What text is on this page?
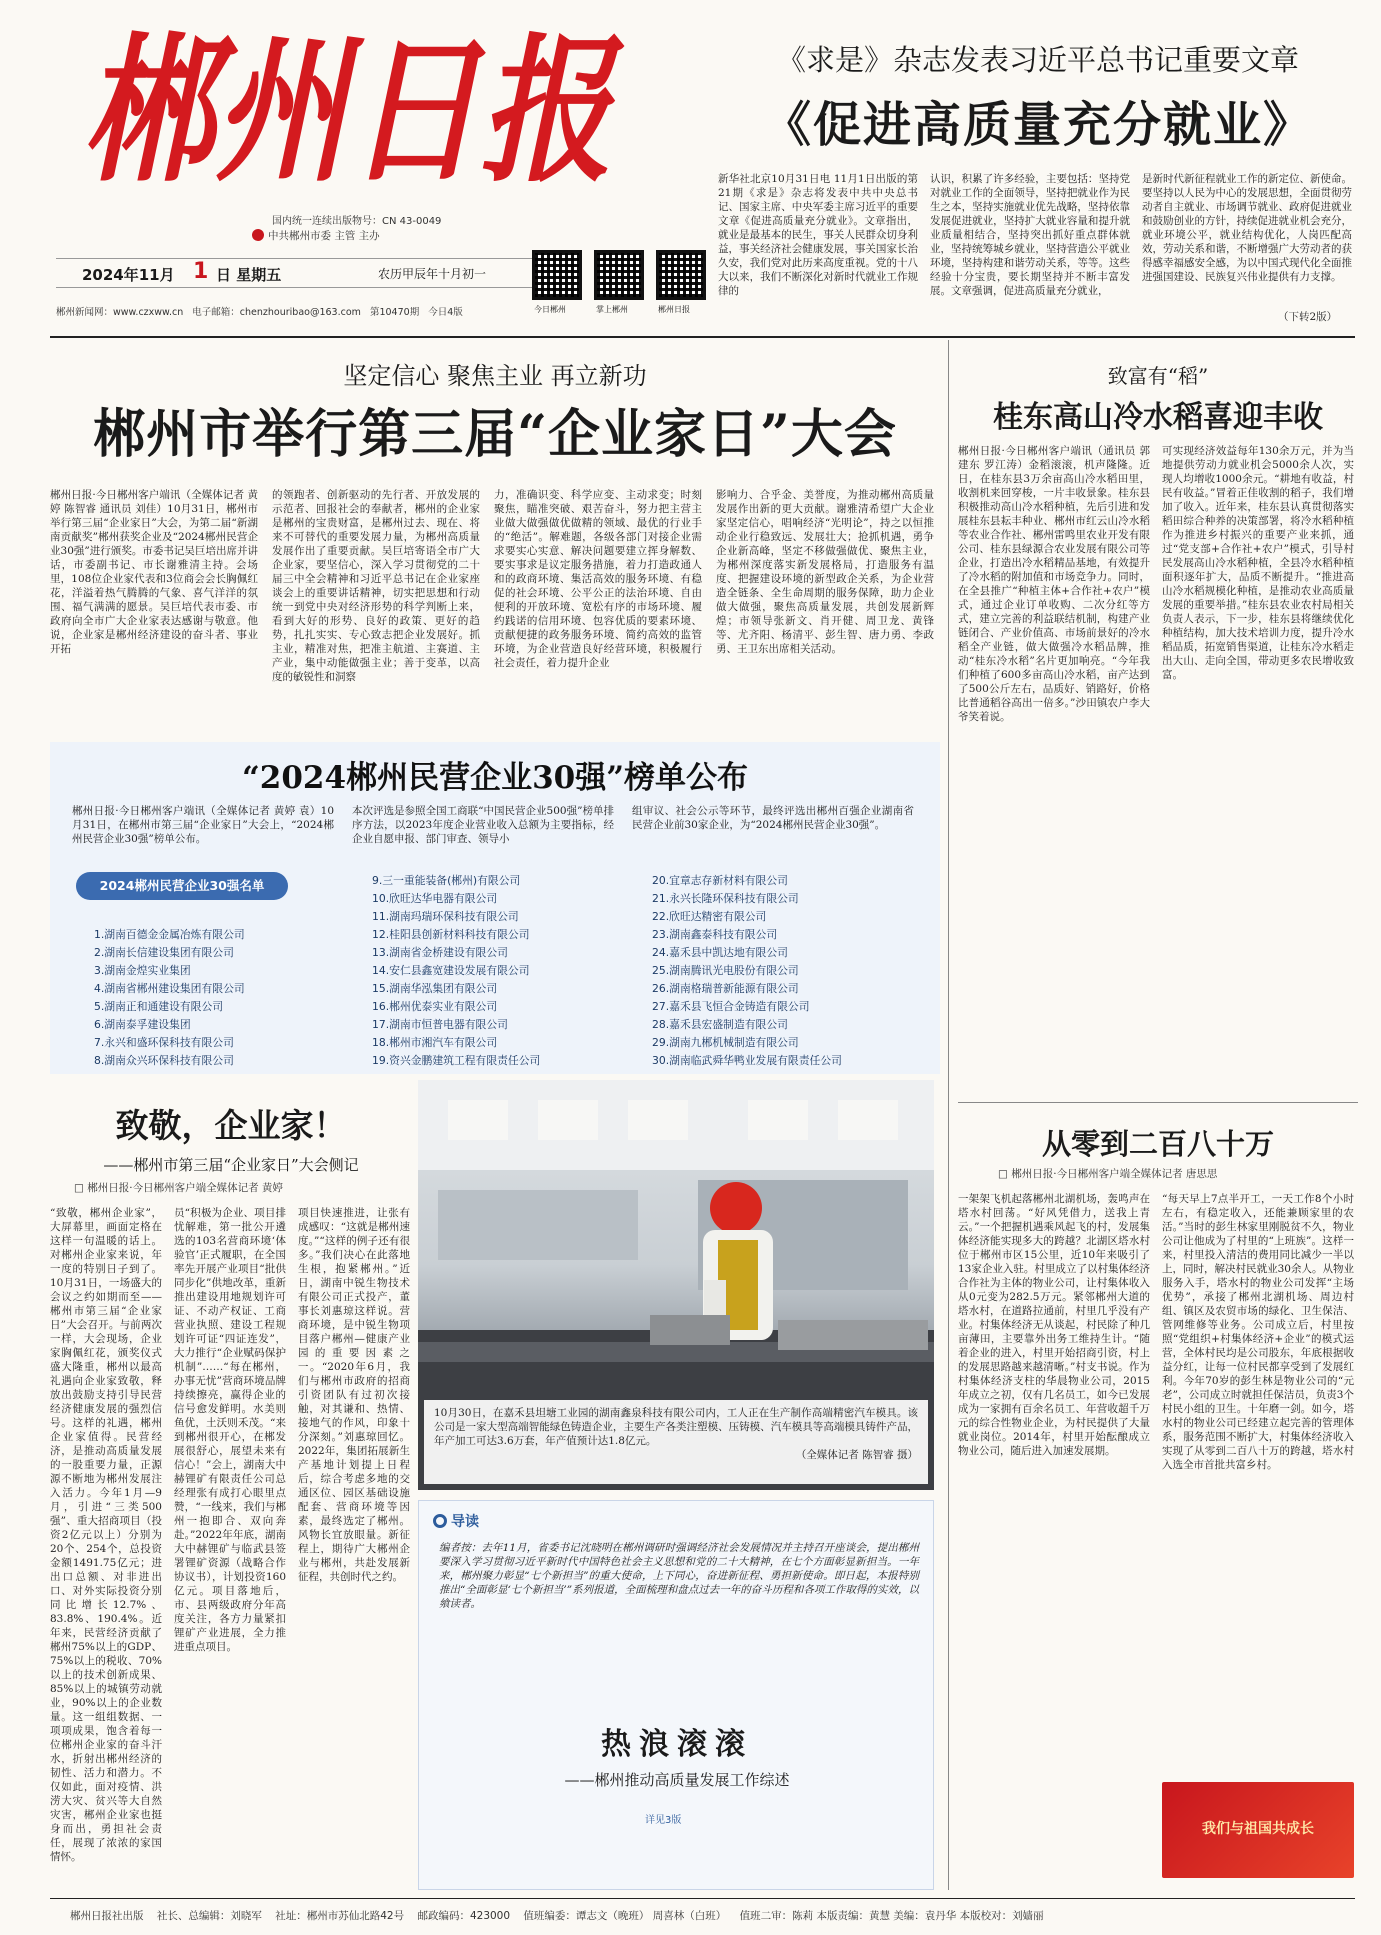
郴州日报
国内统一连续出版物号：CN 43-0049
中共郴州市委 主管 主办
2024年11月 1 日 星期五	农历甲辰年十月初一
郴州新闻网：www.czxww.cn 电子邮箱：chenzhouribao@163.com 第10470期 今日4版	今日郴州	掌上郴州	郴州日报
《求是》杂志发表习近平总书记重要文章
《促进高质量充分就业》
新华社北京10月31日电 11月1日出版的第21期《求是》杂志将发表中共中央总书记、国家主席、中央军委主席习近平的重要文章《促进高质量充分就业》。文章指出，就业是最基本的民生，事关人民群众切身利益，事关经济社会健康发展，事关国家长治久安，我们党对此历来高度重视。党的十八大以来，我们不断深化对新时代就业工作规律的
认识，积累了许多经验，主要包括：坚持党对就业工作的全面领导，坚持把就业作为民生之本，坚持实施就业优先战略，坚持依靠发展促进就业，坚持扩大就业容量和提升就业质量相结合，坚持突出抓好重点群体就业，坚持统筹城乡就业，坚持营造公平就业环境，坚持构建和谐劳动关系，等等。这些经验十分宝贵，要长期坚持并不断丰富发展。文章强调，促进高质量充分就业，
是新时代新征程就业工作的新定位、新使命。要坚持以人民为中心的发展思想，全面贯彻劳动者自主就业、市场调节就业、政府促进就业和鼓励创业的方针，持续促进就业机会充分，就业环境公平，就业结构优化，人岗匹配高效，劳动关系和谐，不断增强广大劳动者的获得感幸福感安全感，为以中国式现代化全面推进强国建设、民族复兴伟业提供有力支撑。
（下转2版）
坚定信心 聚焦主业 再立新功
郴州市举行第三届“企业家日”大会
郴州日报·今日郴州客户端讯（全媒体记者 黄婷 陈智睿 通讯员 刘佳）10月31日，郴州市举行第三届“企业家日”大会，为第二届“新湖南贡献奖”郴州获奖企业及“2024郴州民营企业30强”进行颁奖。市委书记吴巨培出席并讲话，市委副书记、市长谢雅清主持。会场里，108位企业家代表和3位商会会长胸佩红花，洋溢着热气腾腾的气象、喜气洋洋的氛围、福气满满的愿景。吴巨培代表市委、市政府向全市广大企业家表达感谢与敬意。他说，企业家是郴州经济建设的奋斗者、事业开拓
的领跑者、创新驱动的先行者、开放发展的示范者、回报社会的奉献者，郴州的企业家是郴州的宝贵财富，是郴州过去、现在、将来不可替代的重要发展力量，为郴州高质量发展作出了重要贡献。吴巨培寄语全市广大企业家，要坚信心，深入学习贯彻党的二十届三中全会精神和习近平总书记在企业家座谈会上的重要讲话精神，切实把思想和行动统一到党中央对经济形势的科学判断上来，看到大好的形势、良好的政策、更好的趋势，扎扎实实、专心致志把企业发展好。抓主业，精准对焦，把准主航道、主赛道、主产业，集中动能做强主业；善于变革，以高度的敏锐性和洞察
力，准确识变、科学应变、主动求变；时刻聚焦，瞄准突破、艰苦奋斗，努力把主营主业做大做强做优做精的领域、最优的行业手的“绝活”。解难题，各级各部门对接企业需求要实心实意、解决问题要建立挥身解数、要实事求是议定服务措施，着力打造政通人和的政商环境、集活高效的服务环境、有稳促的社会环境、公平公正的法治环境、自由便利的开放环境、宽松有序的市场环境、履约践诺的信用环境、包容优质的要素环境、贡献便捷的政务服务环境、简约高效的监管环境，为企业营造良好经营环境，积极履行社会责任，着力提升企业
影响力、合乎金、美誉度，为推动郴州高质量发展作出新的更大贡献。谢雅清希望广大企业家坚定信心，唱响经济“光明论”，持之以恒推动企业行稳致远、发展壮大；抢抓机遇，勇争企业新高峰，坚定不移做强做优、聚焦主业，为郴州深度落实新发展格局，打造服务有温度、把握建设环境的新型政企关系，为企业营造全链条、全生命周期的服务保障，助力企业做大做强，聚焦高质量发展，共创发展新辉煌；市领导张新文、肖开健、周卫龙、黄锋等、尤齐阳、杨清平、彭生智、唐力勇、李政勇、王卫东出席相关活动。
“2024郴州民营企业30强”榜单公布
郴州日报·今日郴州客户端讯（全媒体记者 黄婷 袁）10月31日，在郴州市第三届“企业家日”大会上，“2024郴州民营企业30强”榜单公布。
本次评选是参照全国工商联“中国民营企业500强”榜单排序方法，以2023年度企业营业收入总额为主要指标，经企业自愿申报、部门审查、领导小
组审议、社会公示等环节，最终评选出郴州百强企业湖南省民营企业前30家企业，为“2024郴州民营企业30强”。
2024郴州民营企业30强名单
1.湖南百德金金属冶炼有限公司
2.湖南长信建设集团有限公司
3.湖南金煌实业集团
4.湖南省郴州建设集团有限公司
5.湖南正和通建设有限公司
6.湖南泰孚建设集团
7.永兴和盛环保科技有限公司
8.湖南众兴环保科技有限公司
9.三一重能装备(郴州)有限公司
10.欣旺达华电器有限公司
11.湖南玛瑞环保科技有限公司
12.桂阳县创新材料科技有限公司
13.湖南省金桥建设有限公司
14.安仁县鑫宽建设发展有限公司
15.湖南华泓集团有限公司
16.郴州优泰实业有限公司
17.湖南市恒普电器有限公司
18.郴州市湘汽车有限公司
19.资兴金鹏建筑工程有限责任公司
20.宜章志存新材料有限公司
21.永兴长隆环保科技有限公司
22.欣旺达精密有限公司
23.湖南鑫泰科技有限公司
24.嘉禾县中凯达地有限公司
25.湖南腾讯光电股份有限公司
26.湖南格瑞普新能源有限公司
27.嘉禾县飞恒合金铸造有限公司
28.嘉禾县宏盛制造有限公司
29.湖南九郴机械制造有限公司
30.湖南临武舜华鸭业发展有限责任公司
致敬，企业家！
——郴州市第三届“企业家日”大会侧记
□ 郴州日报·今日郴州客户端全媒体记者 黄婷
“致敬，郴州企业家”，大屏幕里，画面定格在这样一句温暖的话上。对郴州企业家来说，年一度的特别日子到了。10月31日，一场盛大的会议之约如期而至——郴州市第三届“企业家日”大会召开。与前两次一样，大会现场，企业家胸佩红花，颁奖仪式盛大隆重，郴州以最高礼遇向企业家致敬，释放出鼓励支持引导民营经济健康发展的强烈信号。这样的礼遇，郴州企业家值得。民营经济，是推动高质量发展的一股重要力量，正源源不断地为郴州发展注入活力。今年1月—9月，引进“三类500强”、重大招商项目（投资2亿元以上）分别为20个、254个，总投资金额1491.75亿元；进出口总额、对非进出口、对外实际投资分别同比增长12.7%、83.8%、190.4%。近年来，民营经济贡献了郴州75%以上的GDP、75%以上的税收、70%以上的技术创新成果、85%以上的城镇劳动就业，90%以上的企业数量。这一组组数据、一项项成果，饱含着每一位郴州企业家的奋斗汗水，折射出郴州经济的韧性、活力和潜力。不仅如此，面对疫情、洪涝大灾、贫兴等大自然灾害，郴州企业家也挺身而出，勇担社会责任，展现了浓浓的家国情怀。
员“积极为企业、项目排忧解难，第一批公开遴选的103名营商环境‘体验官’正式履职，在全国率先开展产业项目“批供同步化”供地改革，重新推出建设用地规划许可证、不动产权证、工商营业执照、建设工程规划许可证“四证连发”，大力推行“企业赋码保护机制”……“每在郴州，办事无忧”营商环境品牌持续擦亮，赢得企业的信号愈发鲜明。水美则鱼优，土沃则禾茂。“来到郴州很开心，在郴发展很舒心，展望未来有信心！”会上，湖南大中赫锂矿有限责任公司总经理张有成打心眼里点赞，“一线来，我们与郴州一抱即合、双向奔赴。”2022年年底，湖南大中赫锂矿与临武县签署锂矿资源（战略合作协议书），计划投资160亿元。项目落地后，市、县两级政府分年高度关注，各方力量紧扣锂矿产业进展，全力推进重点项目。
项目快速推进，让张有成感叹：“这就是郴州速度。”“这样的例子还有很多。”我们决心在此落地生根，抱紧郴州。”近日，湖南中锐生物技术有限公司正式投产，董事长刘惠琼这样说。营商环境，是中锐生物项目落户郴州—健康产业园的重要因素之一。“2020年6月，我们与郴州市政府的招商引资团队有过初次接触，对其谦和、热情、接地气的作风，印象十分深刻。”刘惠琼回忆。2022年，集团拓展新生产基地计划提上日程后，综合考虑多地的交通区位、园区基础设施配套、营商环境等因素，最终选定了郴州。风物长宜放眼量。新征程上，期待广大郴州企业与郴州，共赴发展新征程，共创时代之约。
10月30日，在嘉禾县坦塘工业园的湖南鑫泉科技有限公司内，工人正在生产制作高端精密汽车模具。该公司是一家大型高端智能绿色铸造企业，主要生产各类注塑模、压铸模、汽车模具等高端模具铸件产品，年产加工可达3.6万套，年产值预计达1.8亿元。
（全媒体记者 陈智睿 摄）
导读
编者按：去年11月，省委书记沈晓明在郴州调研时强调经济社会发展情况并主持召开座谈会，提出郴州要深入学习贯彻习近平新时代中国特色社会主义思想和党的二十大精神，在七个方面彰显新担当。一年来，郴州聚力彰显“七个新担当”的重大使命，上下同心，奋进新征程、勇担新使命。即日起，本报特别推出“全面彰显‘七个新担当’”系列报道，全面梳理和盘点过去一年的奋斗历程和各项工作取得的实效，以飨读者。
热浪滚滚
——郴州推动高质量发展工作综述
详见3版
致富有“稻”
桂东高山冷水稻喜迎丰收
郴州日报·今日郴州客户端讯（通讯员 郭建东 罗江涛）金稻滚滚，机声隆隆。近日，在桂东县3万余亩高山冷水稻田里，收割机来回穿梭，一片丰收景象。桂东县积极推动高山冷水稻种植，先后引进和发展桂东县耘丰种业、郴州市红云山冷水稻等农业合作社、郴州雷鸣里农业开发有限公司、桂东县绿源合农业发展有限公司等企业，打造出冷水稻精品基地，有效提升了冷水稻的附加值和市场竞争力。同时，在全县推广“种植主体+合作社+农户”模式，通过企业订单收购、二次分红等方式，建立完善的利益联结机制，构建产业链闭合、产业价值高、市场前景好的冷水稻全产业链，做大做强冷水稻品牌，推动“桂东冷水稻”名片更加响亮。“今年我们种植了600多亩高山冷水稻，亩产达到了500公斤左右，品质好、销路好，价格比普通稻谷高出一倍多。”沙田镇农户李大爷笑着说。
可实现经济效益每年130余万元，并为当地提供劳动力就业机会5000余人次，实现人均增收1000余元。“耕地有收益，村民有收益。”冒着正佳收割的稻子，我们增加了收入。近年来，桂东县认真贯彻落实稻田综合种养的决策部署，将冷水稻种植作为推进乡村振兴的重要产业来抓，通过“党支部+合作社+农户”模式，引导村民发展高山冷水稻种植，全县冷水稻种植面积逐年扩大，品质不断提升。“推进高山冷水稻规模化种植，是推动农业高质量发展的重要举措。”桂东县农业农村局相关负责人表示，下一步，桂东县将继续优化种植结构，加大技术培训力度，提升冷水稻品质，拓宽销售渠道，让桂东冷水稻走出大山、走向全国，带动更多农民增收致富。
从零到二百八十万
□ 郴州日报·今日郴州客户端全媒体记者 唐思思
一架架飞机起落郴州北湖机场，轰鸣声在塔水村回荡。“好风凭借力，送我上青云。”一个把握机遇乘风起飞的村，发展集体经济能实现多大的跨越？北湖区塔水村位于郴州市区15公里，近10年来吸引了13家企业入驻。村里成立了以村集体经济合作社为主体的物业公司，让村集体收入从0元变为282.5万元。紧邻郴州大道的塔水村，在道路拉通前，村里几乎没有产业。村集体经济无从谈起，村民除了种几亩薄田，主要靠外出务工维持生计。“随着企业的进入，村里开始招商引资，村上的发展思路越来越清晰。”村支书说。作为村集体经济支柱的华晨物业公司，2015年成立之初，仅有几名员工，如今已发展成为一家拥有百余名员工、年营收超千万元的综合性物业企业，为村民提供了大量就业岗位。2014年，村里开始酝酿成立物业公司，随后进入加速发展期。
“每天早上7点半开工，一天工作8个小时左右，有稳定收入，还能兼顾家里的农活。”当时的彭生林家里刚脱贫不久，物业公司让他成为了村里的“上班族”。这样一来，村里投入清洁的费用同比减少一半以上，同时，解决村民就业30余人。从物业服务入手，塔水村的物业公司发挥“主场优势”，承接了郴州北湖机场、周边村组、镇区及农贸市场的绿化、卫生保洁、管网维修等业务。公司成立后，村里按照“党组织+村集体经济+企业”的模式运营，全体村民均是公司股东，年底根据收益分红，让每一位村民都享受到了发展红利。今年70岁的彭生林是物业公司的“元老”，公司成立时就担任保洁员，负责3个村民小组的卫生。十年磨一剑。如今，塔水村的物业公司已经建立起完善的管理体系，服务范围不断扩大，村集体经济收入实现了从零到二百八十万的跨越，塔水村入选全市首批共富乡村。
我们与祖国共成长
郴州日报社出版 社长、总编辑：刘晓军 社址：郴州市苏仙北路42号 邮政编码：423000 值班编委：谭志文（晚班） 周喜林（白班） 值班二审：陈莉 本版责编：黄慧 美编：袁丹华 本版校对：刘嫱丽
